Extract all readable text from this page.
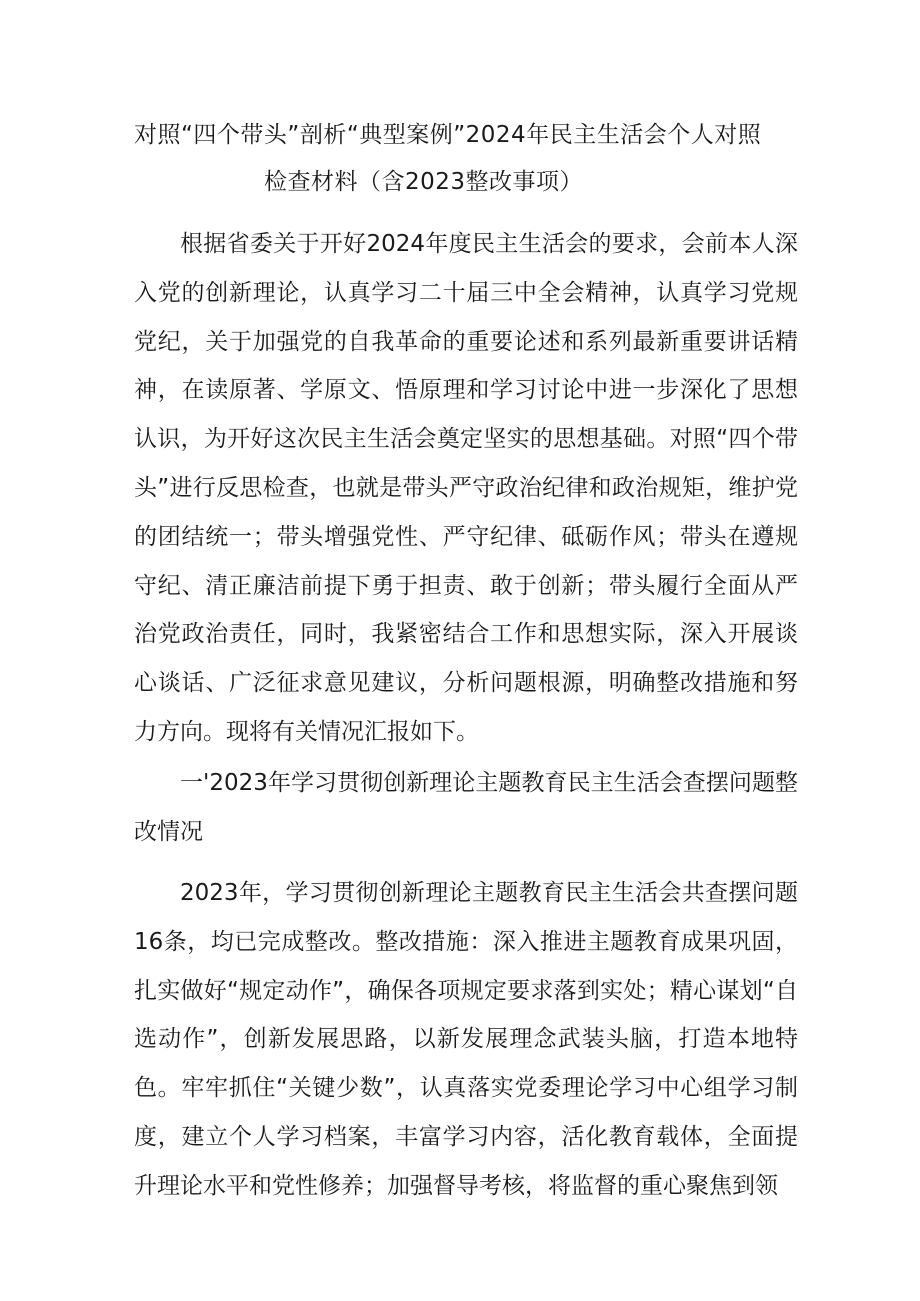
对照“四个带头”剖析“典型案例”2024年民主生活会个人对照
检查材料（含2023整改事项）

根据省委关于开好2024年度民主生活会的要求，会前本人深入党的创新理论，认真学习二十届三中全会精神，认真学习党规党纪，关于加强党的自我革命的重要论述和系列最新重要讲话精神，在读原著、学原文、悟原理和学习讨论中进一步深化了思想认识，为开好这次民主生活会奠定坚实的思想基础。对照“四个带头”进行反思检查，也就是带头严守政治纪律和政治规矩，维护党的团结统一；带头增强党性、严守纪律、砥砺作风；带头在遵规守纪、清正廉洁前提下勇于担责、敢于创新；带头履行全面从严治党政治责任，同时，我紧密结合工作和思想实际，深入开展谈心谈话、广泛征求意见建议，分析问题根源，明确整改措施和努力方向。现将有关情况汇报如下。

一'2023年学习贯彻创新理论主题教育民主生活会查摆问题整改情况

2023年，学习贯彻创新理论主题教育民主生活会共查摆问题16条，均已完成整改。整改措施：深入推进主题教育成果巩固，扎实做好“规定动作”，确保各项规定要求落到实处；精心谋划“自选动作”，创新发展思路，以新发展理念武装头脑，打造本地特色。牢牢抓住“关键少数”，认真落实党委理论学习中心组学习制度，建立个人学习档案，丰富学习内容，活化教育载体，全面提升理论水平和党性修养；加强督导考核，将监督的重心聚焦到领
